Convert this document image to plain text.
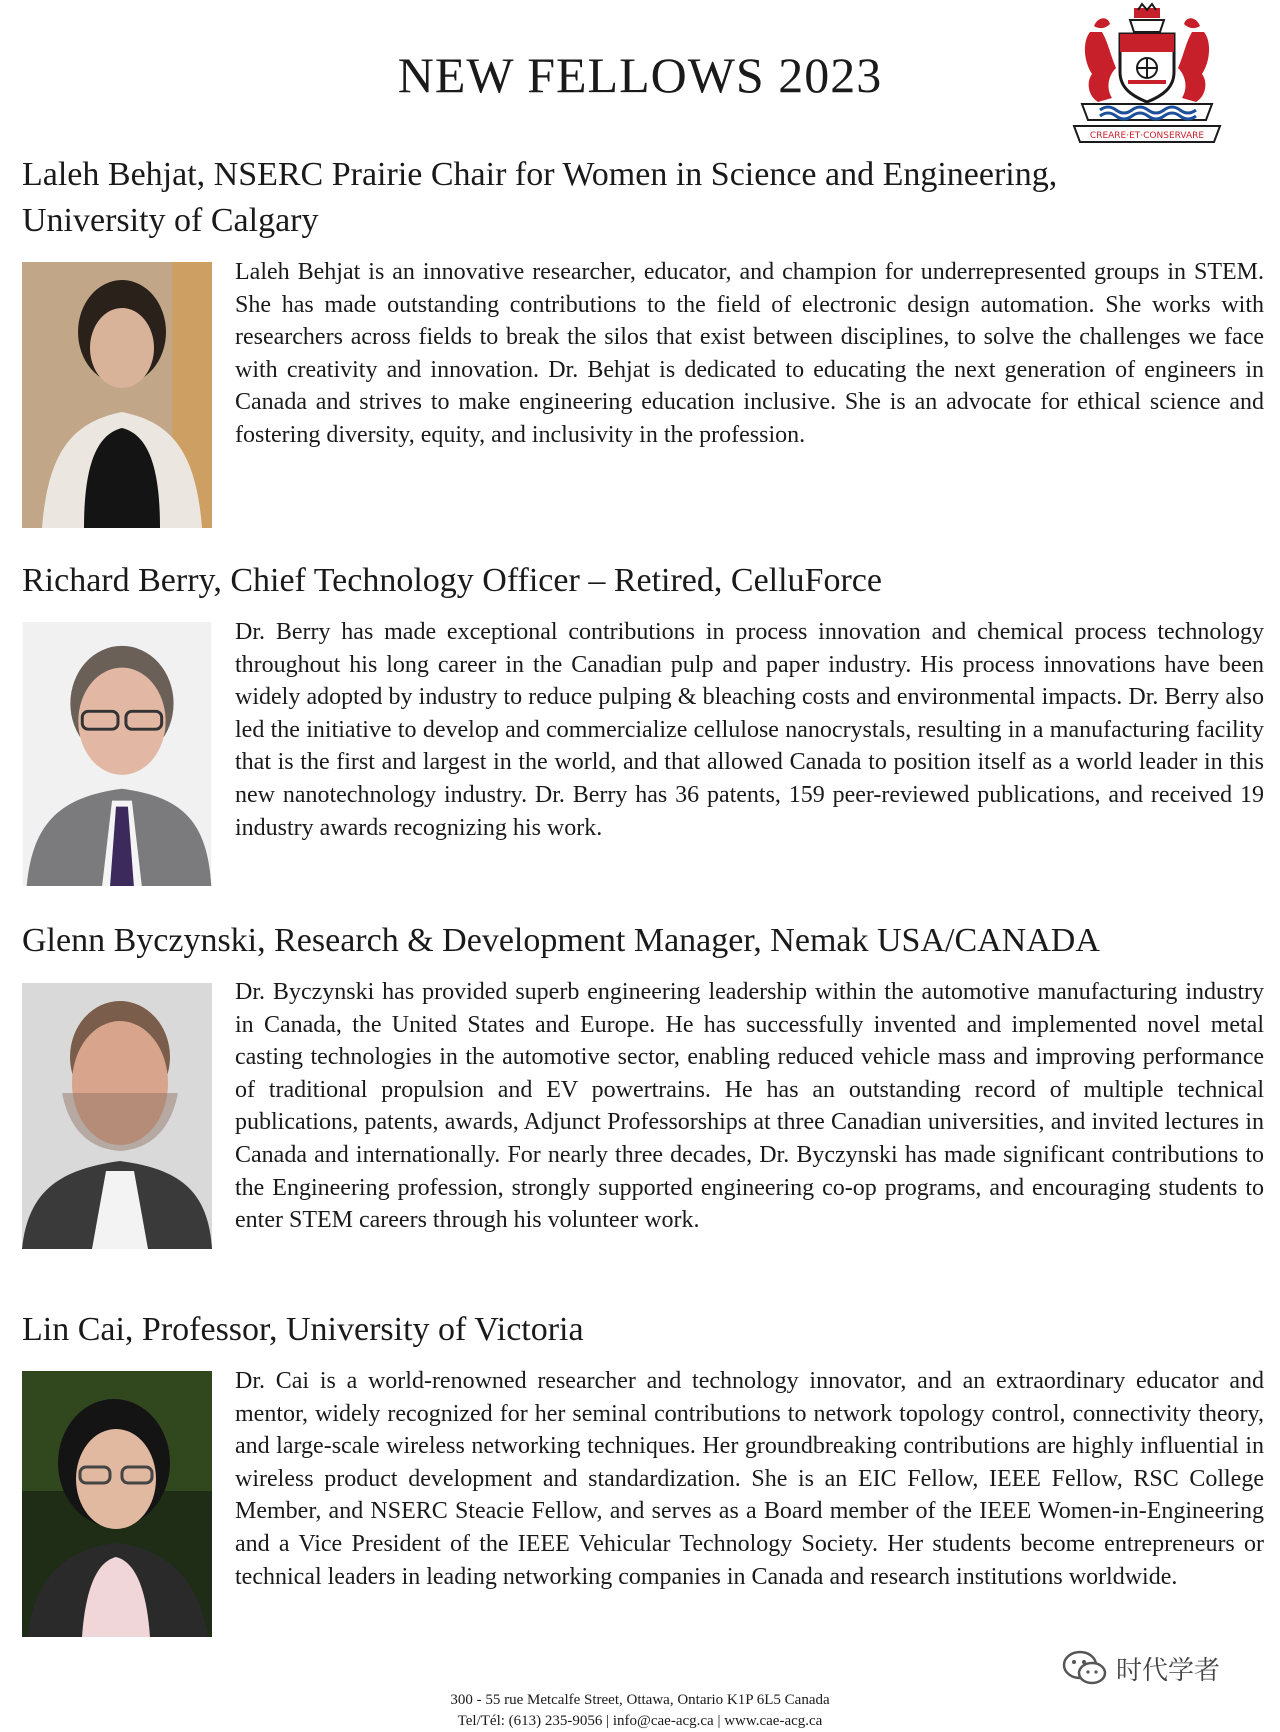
NEW FELLOWS 2023
CREARE·ET·CONSERVARE
Laleh Behjat, NSERC Prairie Chair for Women in Science and Engineering, University of Calgary

Laleh Behjat is an innovative researcher, educator, and champion for underrepresented groups in STEM. She has made outstanding contributions to the field of electronic design automation. She works with researchers across fields to break the silos that exist between disciplines, to solve the challenges we face with creativity and innovation. Dr. Behjat is dedicated to educating the next generation of engineers in Canada and strives to make engineering education inclusive. She is an advocate for ethical science and fostering diversity, equity, and inclusivity in the profession.

Richard Berry, Chief Technology Officer – Retired, CelluForce

Dr. Berry has made exceptional contributions in process innovation and chemical process technology throughout his long career in the Canadian pulp and paper industry. His process innovations have been widely adopted by industry to reduce pulping & bleaching costs and environmental impacts. Dr. Berry also led the initiative to develop and commercialize cellulose nanocrystals, resulting in a manufacturing facility that is the first and largest in the world, and that allowed Canada to position itself as a world leader in this new nanotechnology industry. Dr. Berry has 36 patents, 159 peer-reviewed publications, and received 19 industry awards recognizing his work.

Glenn Byczynski, Research & Development Manager, Nemak USA/CANADA

Dr. Byczynski has provided superb engineering leadership within the automotive manufacturing industry in Canada, the United States and Europe. He has successfully invented and implemented novel metal casting technologies in the automotive sector, enabling reduced vehicle mass and improving performance of traditional propulsion and EV powertrains. He has an outstanding record of multiple technical publications, patents, awards, Adjunct Professorships at three Canadian universities, and invited lectures in Canada and internationally. For nearly three decades, Dr. Byczynski has made significant contributions to the Engineering profession, strongly supported engineering co-op programs, and encouraging students to enter STEM careers through his volunteer work.

Lin Cai, Professor, University of Victoria

Dr. Cai is a world-renowned researcher and technology innovator, and an extraordinary educator and mentor, widely recognized for her seminal contributions to network topology control, connectivity theory, and large-scale wireless networking techniques. Her groundbreaking contributions are highly influential in wireless product development and standardization. She is an EIC Fellow, IEEE Fellow, RSC College Member, and NSERC Steacie Fellow, and serves as a Board member of the IEEE Women-in-Engineering and a Vice President of the IEEE Vehicular Technology Society. Her students become entrepreneurs or technical leaders in leading networking companies in Canada and research institutions worldwide.

时代学者
300 - 55 rue Metcalfe Street, Ottawa, Ontario K1P 6L5 Canada
Tel/Tél: (613) 235-9056 | info@cae-acg.ca | www.cae-acg.ca
